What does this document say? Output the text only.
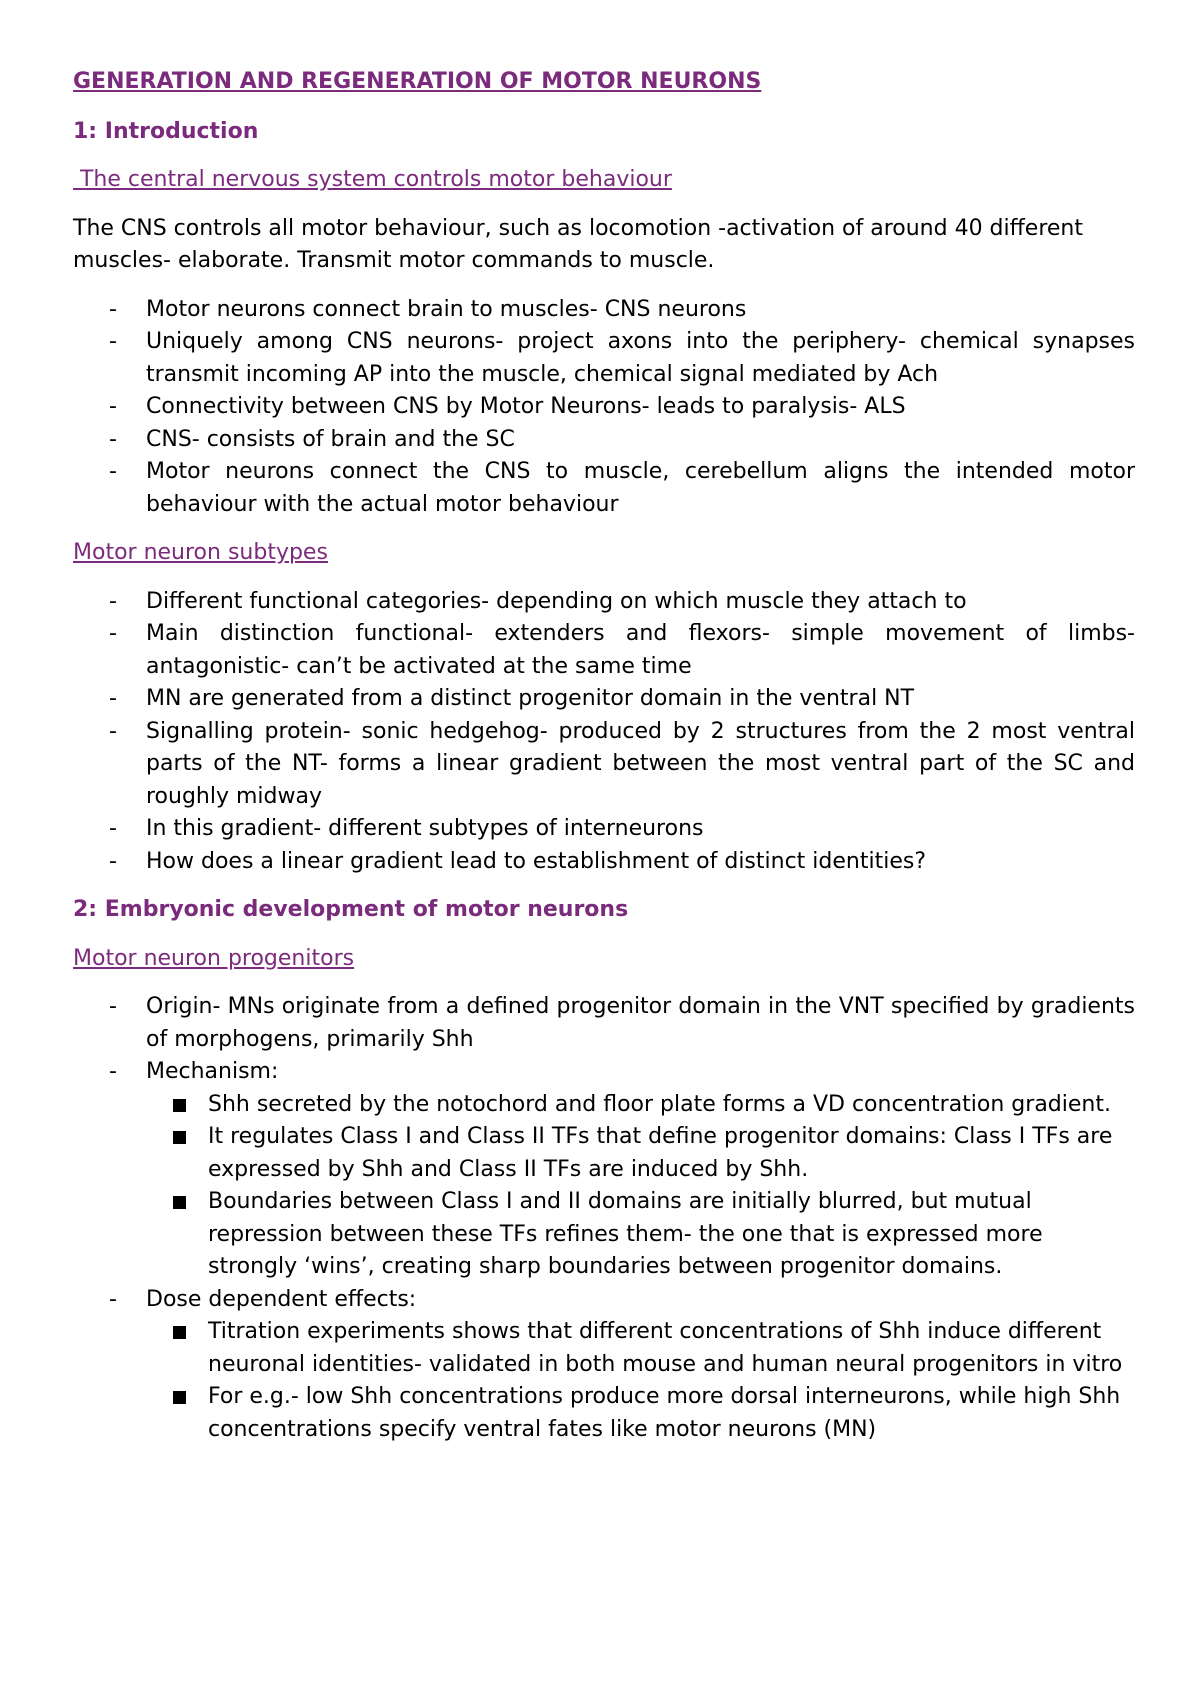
GENERATION AND REGENERATION OF MOTOR NEURONS

1: Introduction

The central nervous system controls motor behaviour

The CNS controls all motor behaviour, such as locomotion -activation of around 40 different muscles- elaborate. Transmit motor commands to muscle.

- Motor neurons connect brain to muscles- CNS neurons
- Uniquely among CNS neurons- project axons into the periphery- chemical synapses transmit incoming AP into the muscle, chemical signal mediated by Ach
- Connectivity between CNS by Motor Neurons- leads to paralysis- ALS
- CNS- consists of brain and the SC
- Motor neurons connect the CNS to muscle, cerebellum aligns the intended motor behaviour with the actual motor behaviour

Motor neuron subtypes

- Different functional categories- depending on which muscle they attach to
- Main distinction functional- extenders and flexors- simple movement of limbs- antagonistic- can’t be activated at the same time
- MN are generated from a distinct progenitor domain in the ventral NT
- Signalling protein- sonic hedgehog- produced by 2 structures from the 2 most ventral parts of the NT- forms a linear gradient between the most ventral part of the SC and roughly midway
- In this gradient- different subtypes of interneurons
- How does a linear gradient lead to establishment of distinct identities?

2: Embryonic development of motor neurons

Motor neuron progenitors

- Origin- MNs originate from a defined progenitor domain in the VNT specified by gradients of morphogens, primarily Shh
- Mechanism:
Shh secreted by the notochord and floor plate forms a VD concentration gradient.
It regulates Class I and Class II TFs that define progenitor domains: Class I TFs are expressed by Shh and Class II TFs are induced by Shh.
Boundaries between Class I and II domains are initially blurred, but mutual repression between these TFs refines them- the one that is expressed more strongly ‘wins’, creating sharp boundaries between progenitor domains.
- Dose dependent effects:
Titration experiments shows that different concentrations of Shh induce different neuronal identities- validated in both mouse and human neural progenitors in vitro
For e.g.- low Shh concentrations produce more dorsal interneurons, while high Shh concentrations specify ventral fates like motor neurons (MN)
